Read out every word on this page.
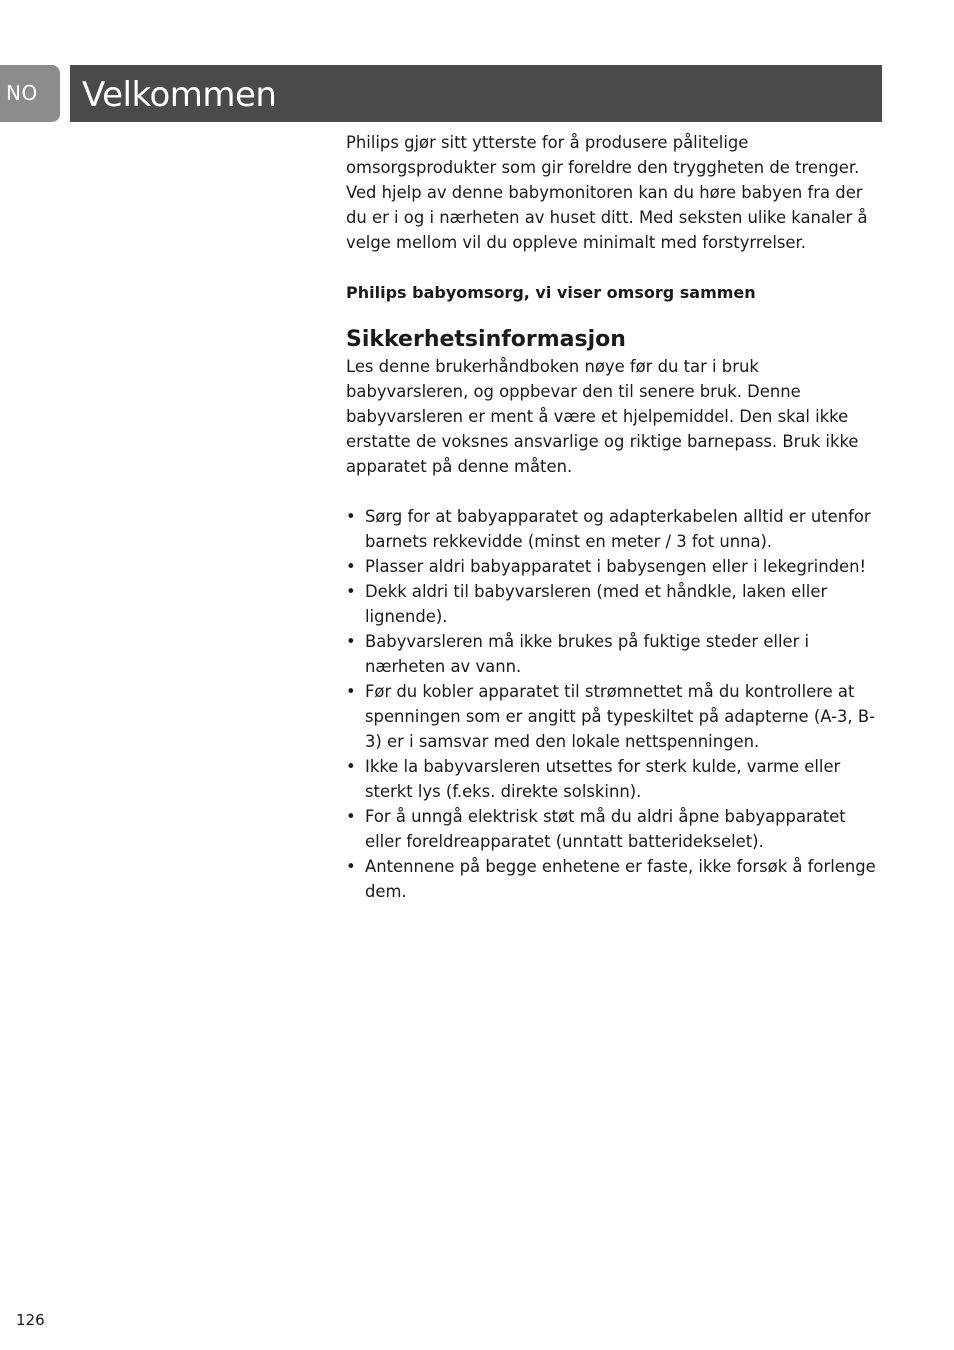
NO	Velkommen

Philips gjør sitt ytterste for å produsere pålitelige omsorgsprodukter som gir foreldre den tryggheten de trenger. Ved hjelp av denne babymonitoren kan du høre babyen fra der du er i og i nærheten av huset ditt. Med seksten ulike kanaler å velge mellom vil du oppleve minimalt med forstyrrelser.

Philips babyomsorg, vi viser omsorg sammen

Sikkerhetsinformasjon

Les denne brukerhåndboken nøye før du tar i bruk babyvarsleren, og oppbevar den til senere bruk. Denne babyvarsleren er ment å være et hjelpemiddel. Den skal ikke erstatte de voksnes ansvarlige og riktige barnepass. Bruk ikke apparatet på denne måten.

• Sørg for at babyapparatet og adapterkabelen alltid er utenfor barnets rekkevidde (minst en meter / 3 fot unna).
• Plasser aldri babyapparatet i babysengen eller i lekegrinden!
• Dekk aldri til babyvarsleren (med et håndkle, laken eller lignende).
• Babyvarsleren må ikke brukes på fuktige steder eller i nærheten av vann.
• Før du kobler apparatet til strømnettet må du kontrollere at spenningen som er angitt på typeskiltet på adapterne (A-3, B-3) er i samsvar med den lokale nettspenningen.
• Ikke la babyvarsleren utsettes for sterk kulde, varme eller sterkt lys (f.eks. direkte solskinn).
• For å unngå elektrisk støt må du aldri åpne babyapparatet eller foreldreapparatet (unntatt batteridekselet).
• Antennene på begge enhetene er faste, ikke forsøk å forlenge dem.
126
